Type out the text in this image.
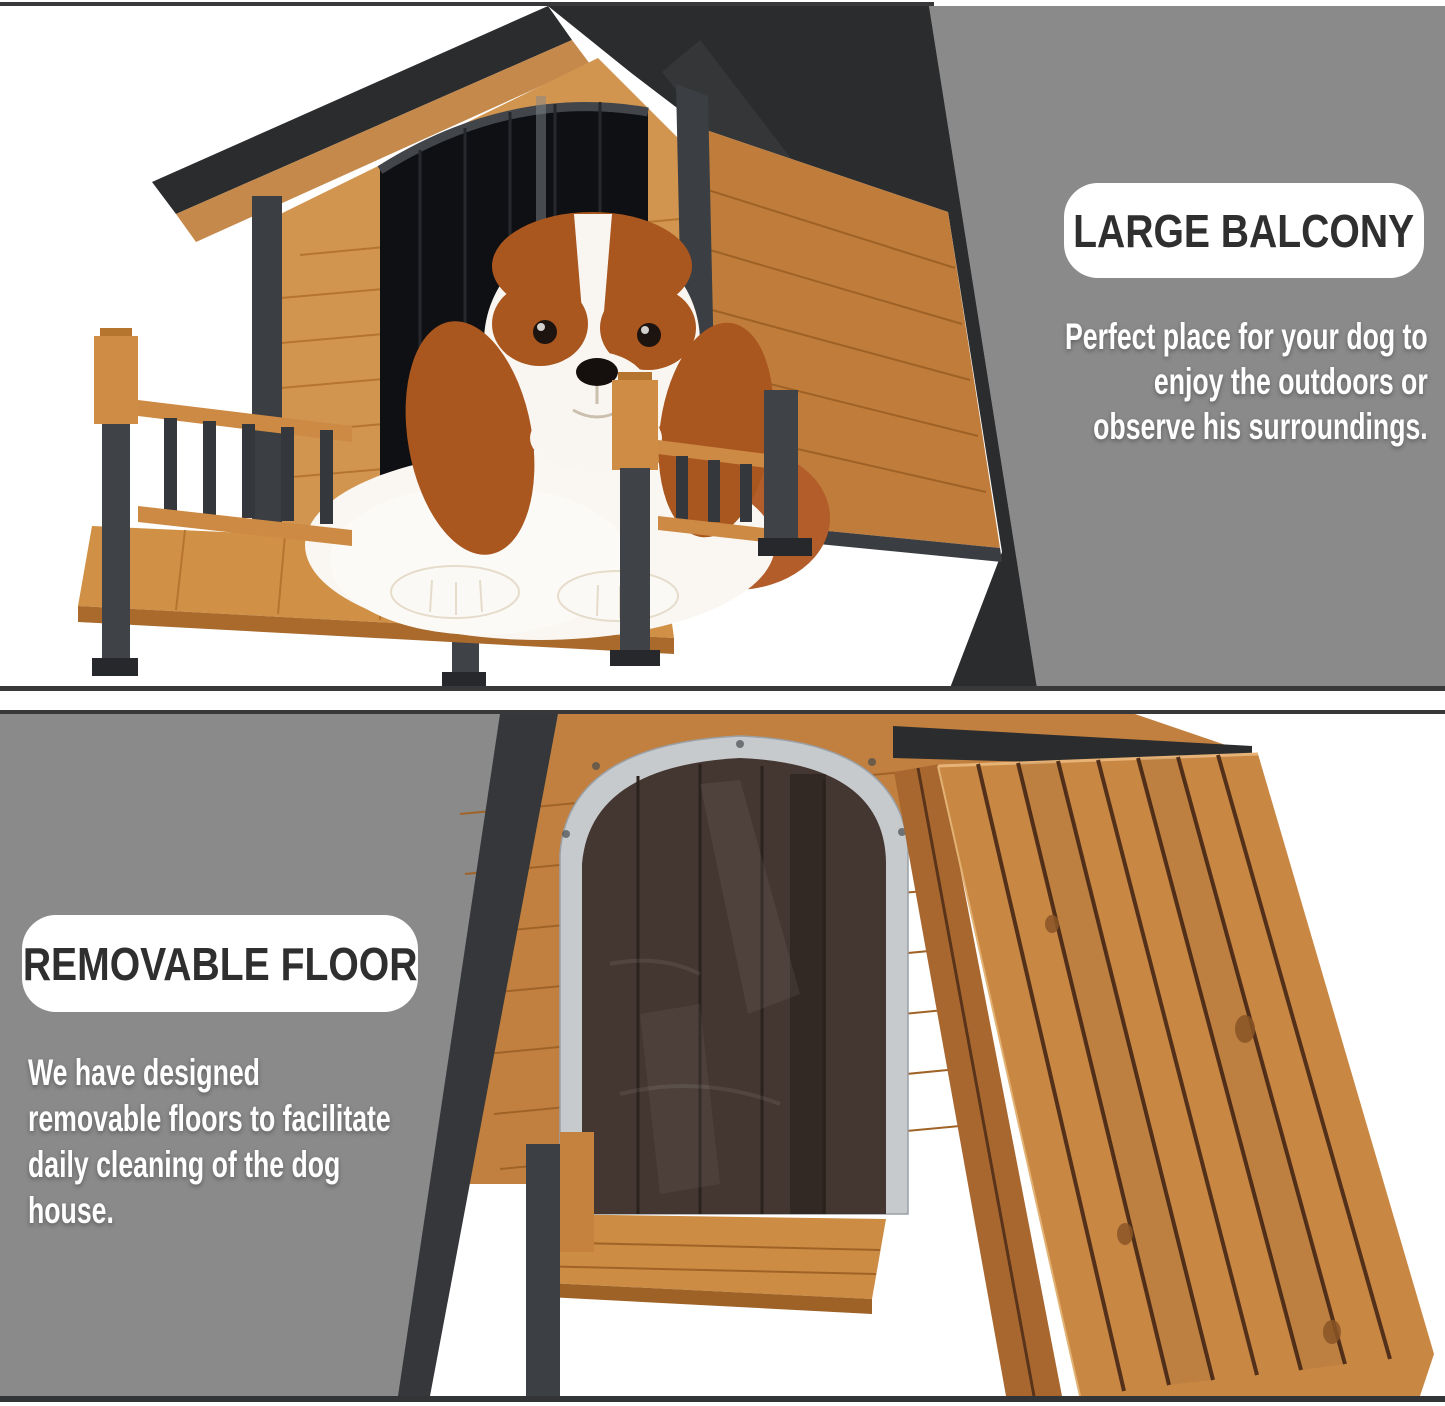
LARGE BALCONY
Perfect place for your dog to
enjoy the outdoors or
observe his surroundings.
REMOVABLE FLOOR
We have designed
removable floors to facilitate
daily cleaning of the dog
house.
